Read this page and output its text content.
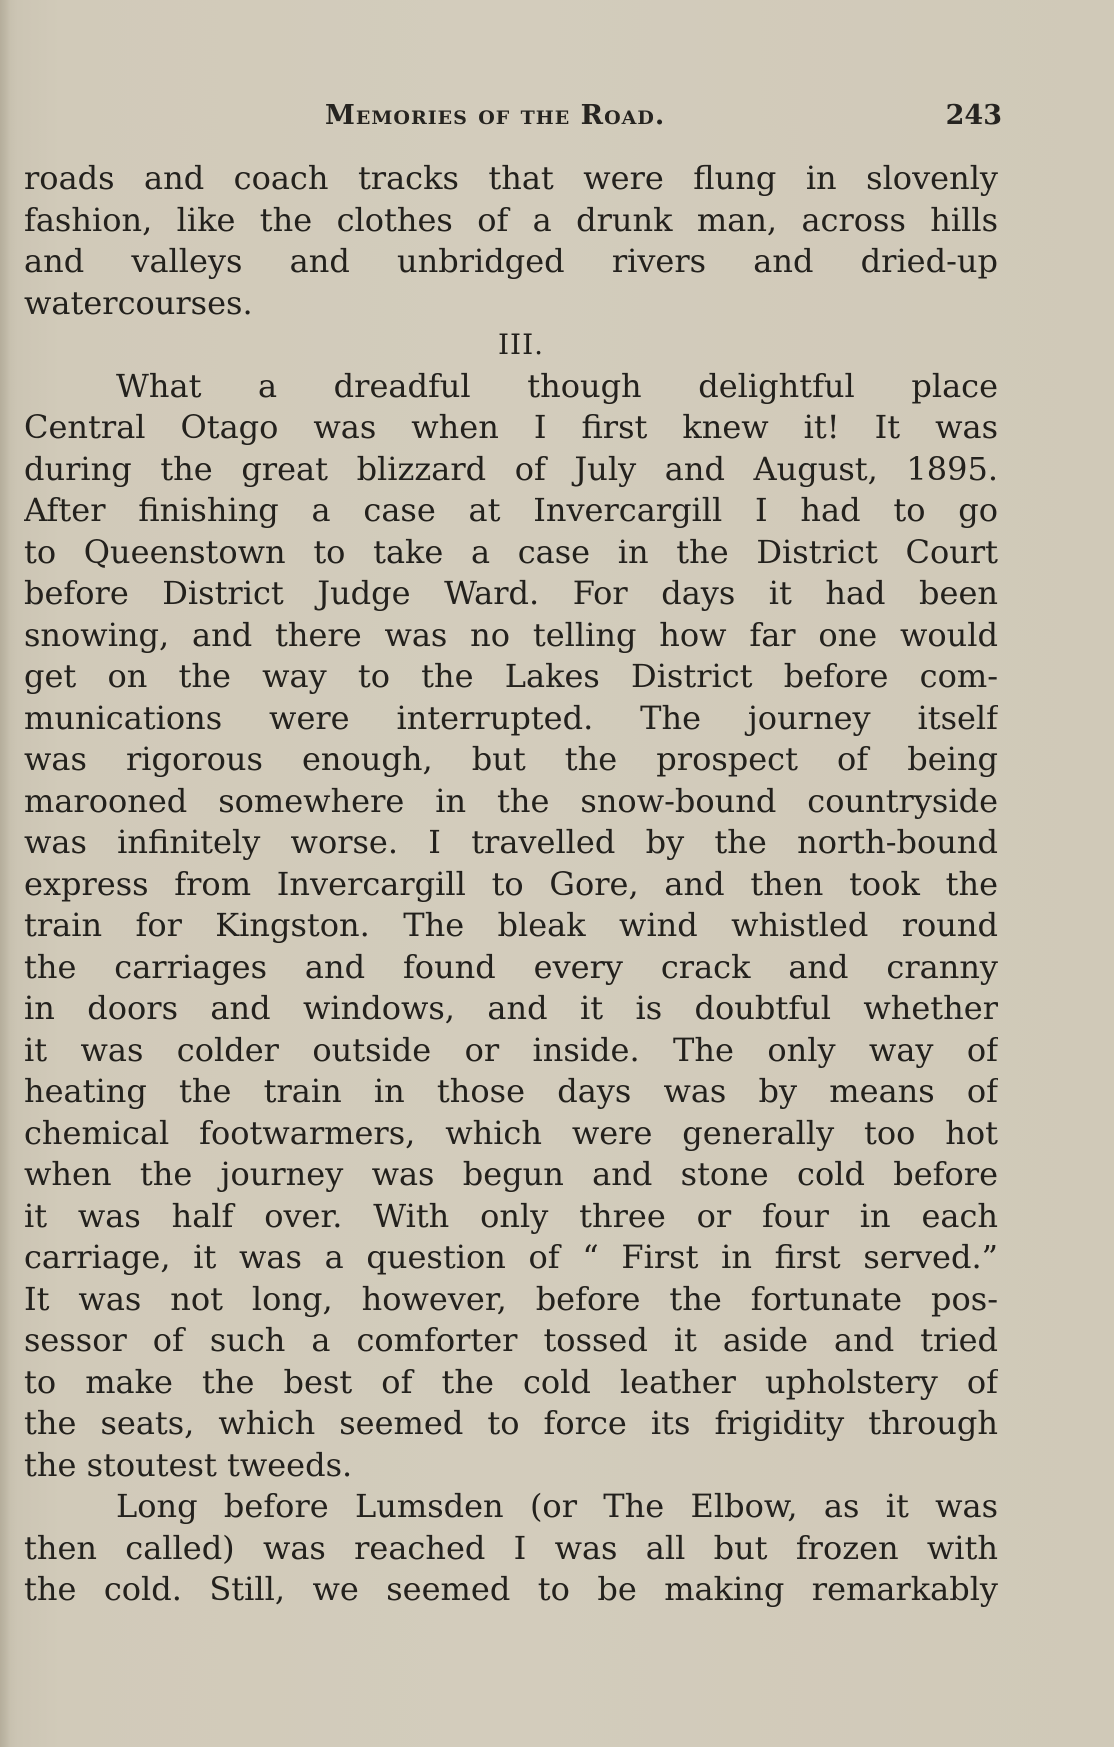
Memories of the Road.	243
roads and coach tracks that were flung in slovenly
fashion, like the clothes of a drunk man, across hills
and valleys and unbridged rivers and dried-up
watercourses.
III.
What a dreadful though delightful place
Central Otago was when I first knew it! It was
during the great blizzard of July and August, 1895.
After finishing a case at Invercargill I had to go
to Queenstown to take a case in the District Court
before District Judge Ward. For days it had been
snowing, and there was no telling how far one would
get on the way to the Lakes District before com-
munications were interrupted. The journey itself
was rigorous enough, but the prospect of being
marooned somewhere in the snow-bound countryside
was infinitely worse. I travelled by the north-bound
express from Invercargill to Gore, and then took the
train for Kingston. The bleak wind whistled round
the carriages and found every crack and cranny
in doors and windows, and it is doubtful whether
it was colder outside or inside. The only way of
heating the train in those days was by means of
chemical footwarmers, which were generally too hot
when the journey was begun and stone cold before
it was half over. With only three or four in each
carriage, it was a question of “ First in first served.”
It was not long, however, before the fortunate pos-
sessor of such a comforter tossed it aside and tried
to make the best of the cold leather upholstery of
the seats, which seemed to force its frigidity through
the stoutest tweeds.
Long before Lumsden (or The Elbow, as it was
then called) was reached I was all but frozen with
the cold. Still, we seemed to be making remarkably
